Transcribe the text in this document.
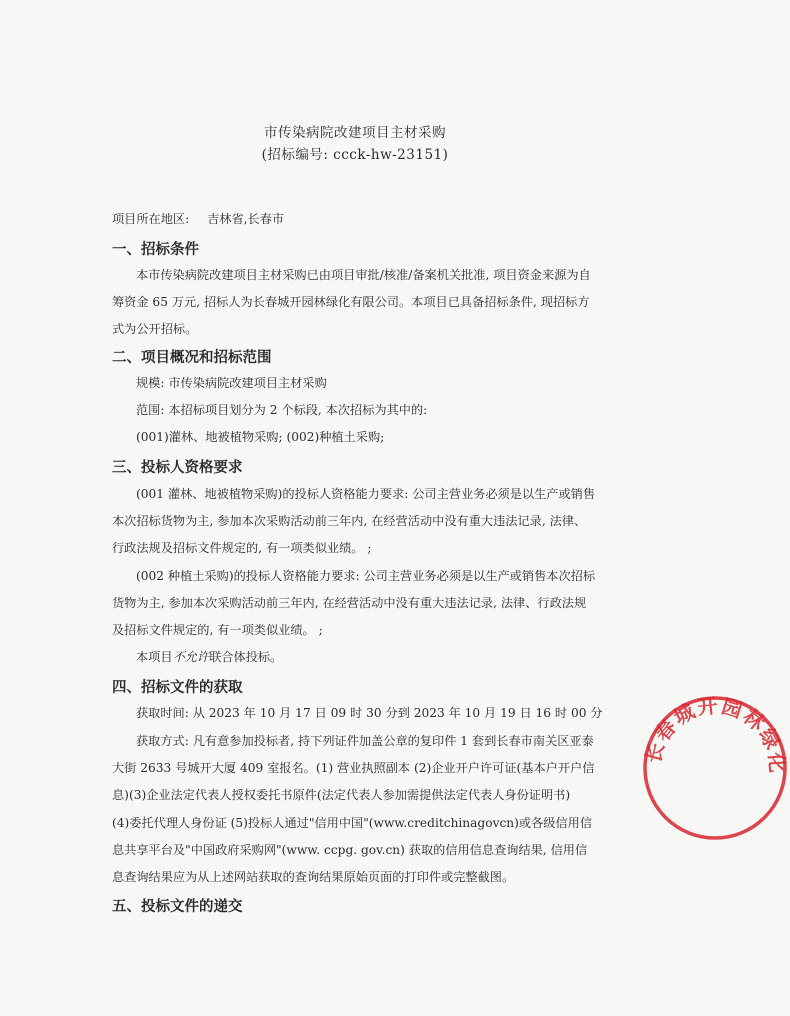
市传染病院改建项目主材采购
(招标编号: ccck-hw-23151)
项目所在地区: 吉林省,长春市
一、招标条件
本市传染病院改建项目主材采购已由项目审批/核准/备案机关批准, 项目资金来源为自
筹资金 65 万元, 招标人为长春城开园林绿化有限公司。本项目已具备招标条件, 现招标方
式为公开招标。
二、项目概况和招标范围
规模: 市传染病院改建项目主材采购
范围: 本招标项目划分为 2 个标段, 本次招标为其中的:
(001)灌林、地被植物采购; (002)种植土采购;
三、投标人资格要求
(001 灌林、地被植物采购)的投标人资格能力要求: 公司主营业务必须是以生产或销售
本次招标货物为主, 参加本次采购活动前三年内, 在经营活动中没有重大违法记录, 法律、
行政法规及招标文件规定的, 有一项类似业绩。 ;
(002 种植土采购)的投标人资格能力要求: 公司主营业务必须是以生产或销售本次招标
货物为主, 参加本次采购活动前三年内, 在经营活动中没有重大违法记录, 法律、行政法规
及招标文件规定的, 有一项类似业绩。 ;
本项目不允许联合体投标。
四、招标文件的获取
获取时间: 从 2023 年 10 月 17 日 09 时 30 分到 2023 年 10 月 19 日 16 时 00 分
获取方式: 凡有意参加投标者, 持下列证件加盖公章的复印件 1 套到长春市南关区亚泰
大街 2633 号城开大厦 409 室报名。(1) 营业执照副本 (2)企业开户许可证(基本户开户信
息)(3)企业法定代表人授权委托书原件(法定代表人参加需提供法定代表人身份证明书)
(4)委托代理人身份证 (5)投标人通过"信用中国"(www.creditchinagovcn)或各级信用信
息共享平台及"中国政府采购网"(www. ccpg. gov.cn) 获取的信用信息查询结果, 信用信
息查询结果应为从上述网站获取的查询结果原始页面的打印件或完整截图。
五、投标文件的递交
长春城开园林绿化
